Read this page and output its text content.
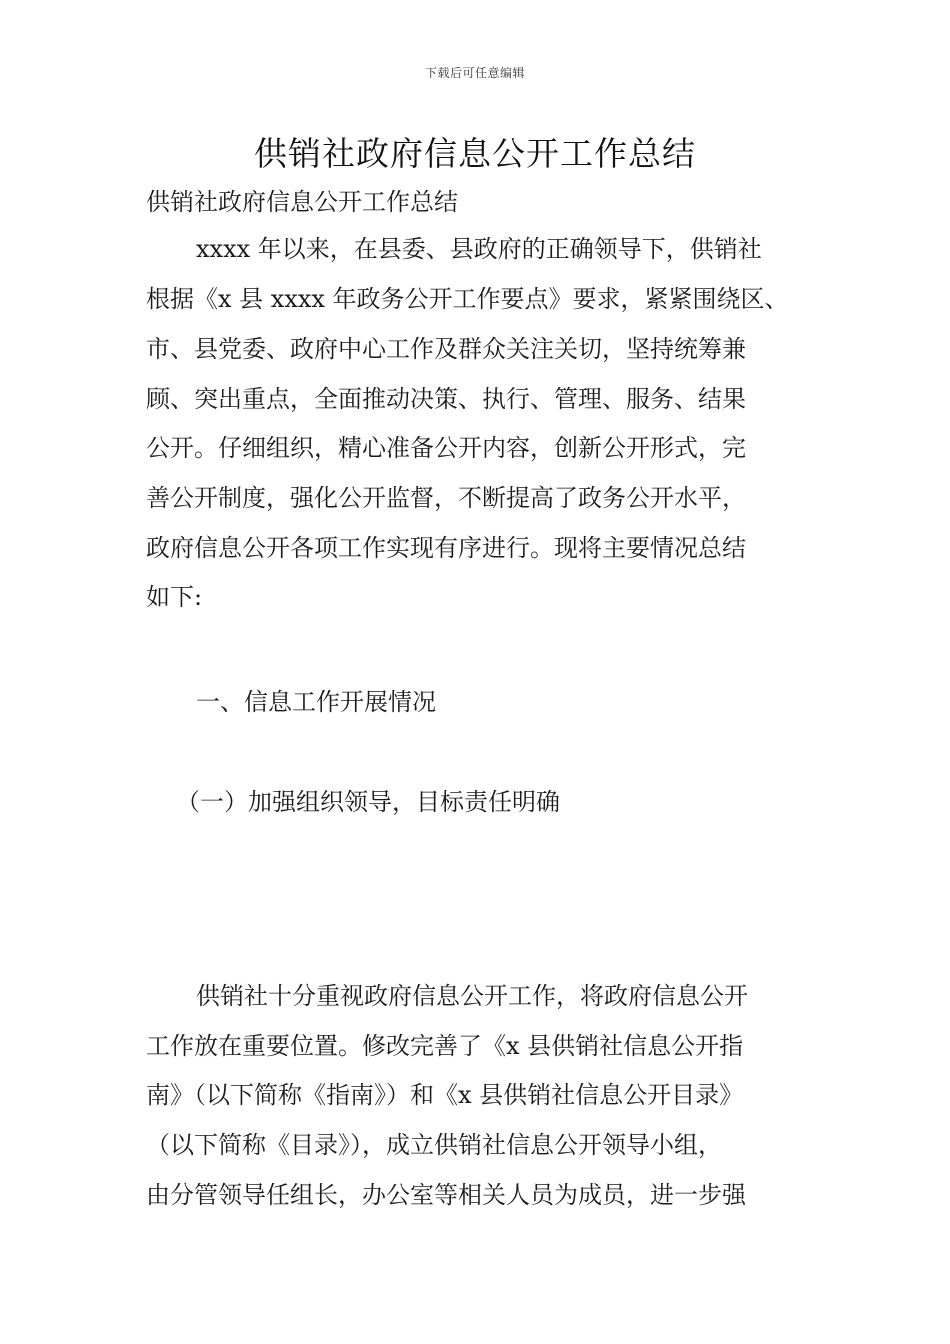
下载后可任意编辑
供销社政府信息公开工作总结
供销社政府信息公开工作总结
xxxx 年以来，在县委、县政府的正确领导下，供销社
根据《x 县 xxxx 年政务公开工作要点》要求，紧紧围绕区、
市、县党委、政府中心工作及群众关注关切，坚持统筹兼
顾、突出重点，全面推动决策、执行、管理、服务、结果
公开。仔细组织，精心准备公开内容，创新公开形式，完
善公开制度，强化公开监督，不断提高了政务公开水平，
政府信息公开各项工作实现有序进行。现将主要情况总结
如下:
一、信息工作开展情况
（一）加强组织领导，目标责任明确
供销社十分重视政府信息公开工作，将政府信息公开
工作放在重要位置。修改完善了《x 县供销社信息公开指
南》（以下简称《指南》）和《x 县供销社信息公开目录》
（以下简称《目录》），成立供销社信息公开领导小组，
由分管领导任组长，办公室等相关人员为成员，进一步强
